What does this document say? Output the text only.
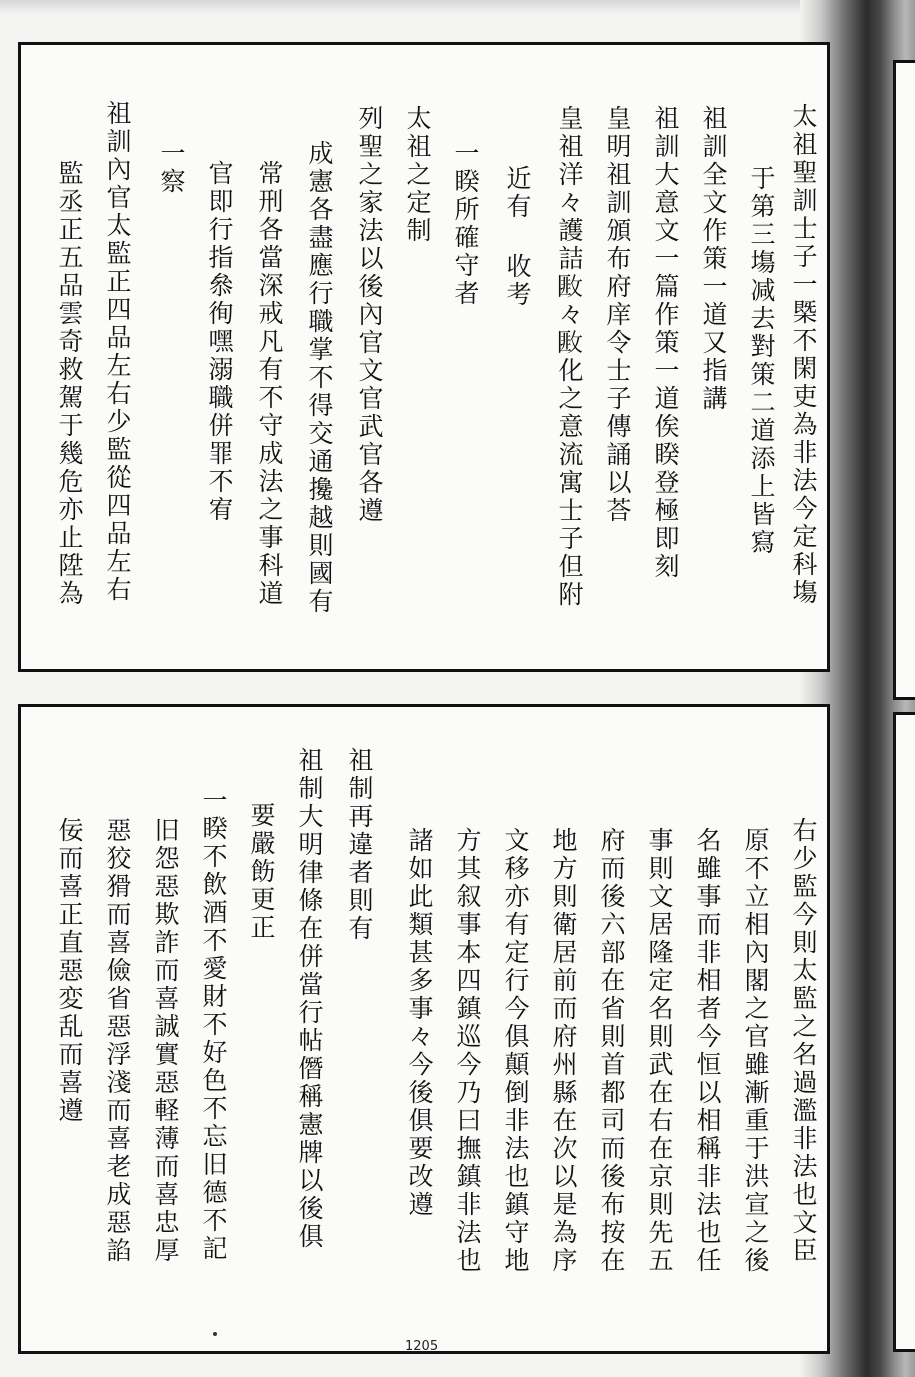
太祖聖訓士子一槩不閑吏為非法今定科塲
于第三塲减去對策二道添上皆寫
祖訓全文作策一道又指講
祖訓大意文一篇作策一道俟睽登極即刻
皇明祖訓頒布府庠令士子傳誦以荅
皇祖洋々護詰𢾺々𢾺化之意流寓士子但附
近有 收考
一睽所確守者
太祖之定制
列聖之家法以後內官文官武官各遵
成憲各盡應行職掌不得交通攙越則國有
常刑各當深戒凡有不守成法之事科道
官即行指叅徇嘿溺職併罪不宥
一察
祖訓內官太監正四品左右少監從四品左右
監丞正五品雲奇救駕于幾危亦止陞為
右少監今則太監之名過濫非法也文臣
原不立相內閣之官雖漸重于洪宣之後
名雖事而非相者今恒以相稱非法也任
事則文居隆定名則武在右在京則先五
府而後六部在省則首都司而後布按在
地方則衛居前而府州縣在次以是為序
文移亦有定行今俱顛倒非法也鎮守地
方其叙事本四鎮巡今乃曰撫鎮非法也
諸如此類甚多事々今後俱要改遵
祖制再違者則有
祖制大明律條在併當行帖僭稱憲牌以後俱
要嚴飭更正
一睽不飲酒不愛財不好色不忘旧德不記
旧怨惡欺詐而喜誠實惡軽薄而喜忠厚
惡狡猾而喜儉省惡浮淺而喜老成惡諂
佞而喜正直惡変乱而喜遵
1205
